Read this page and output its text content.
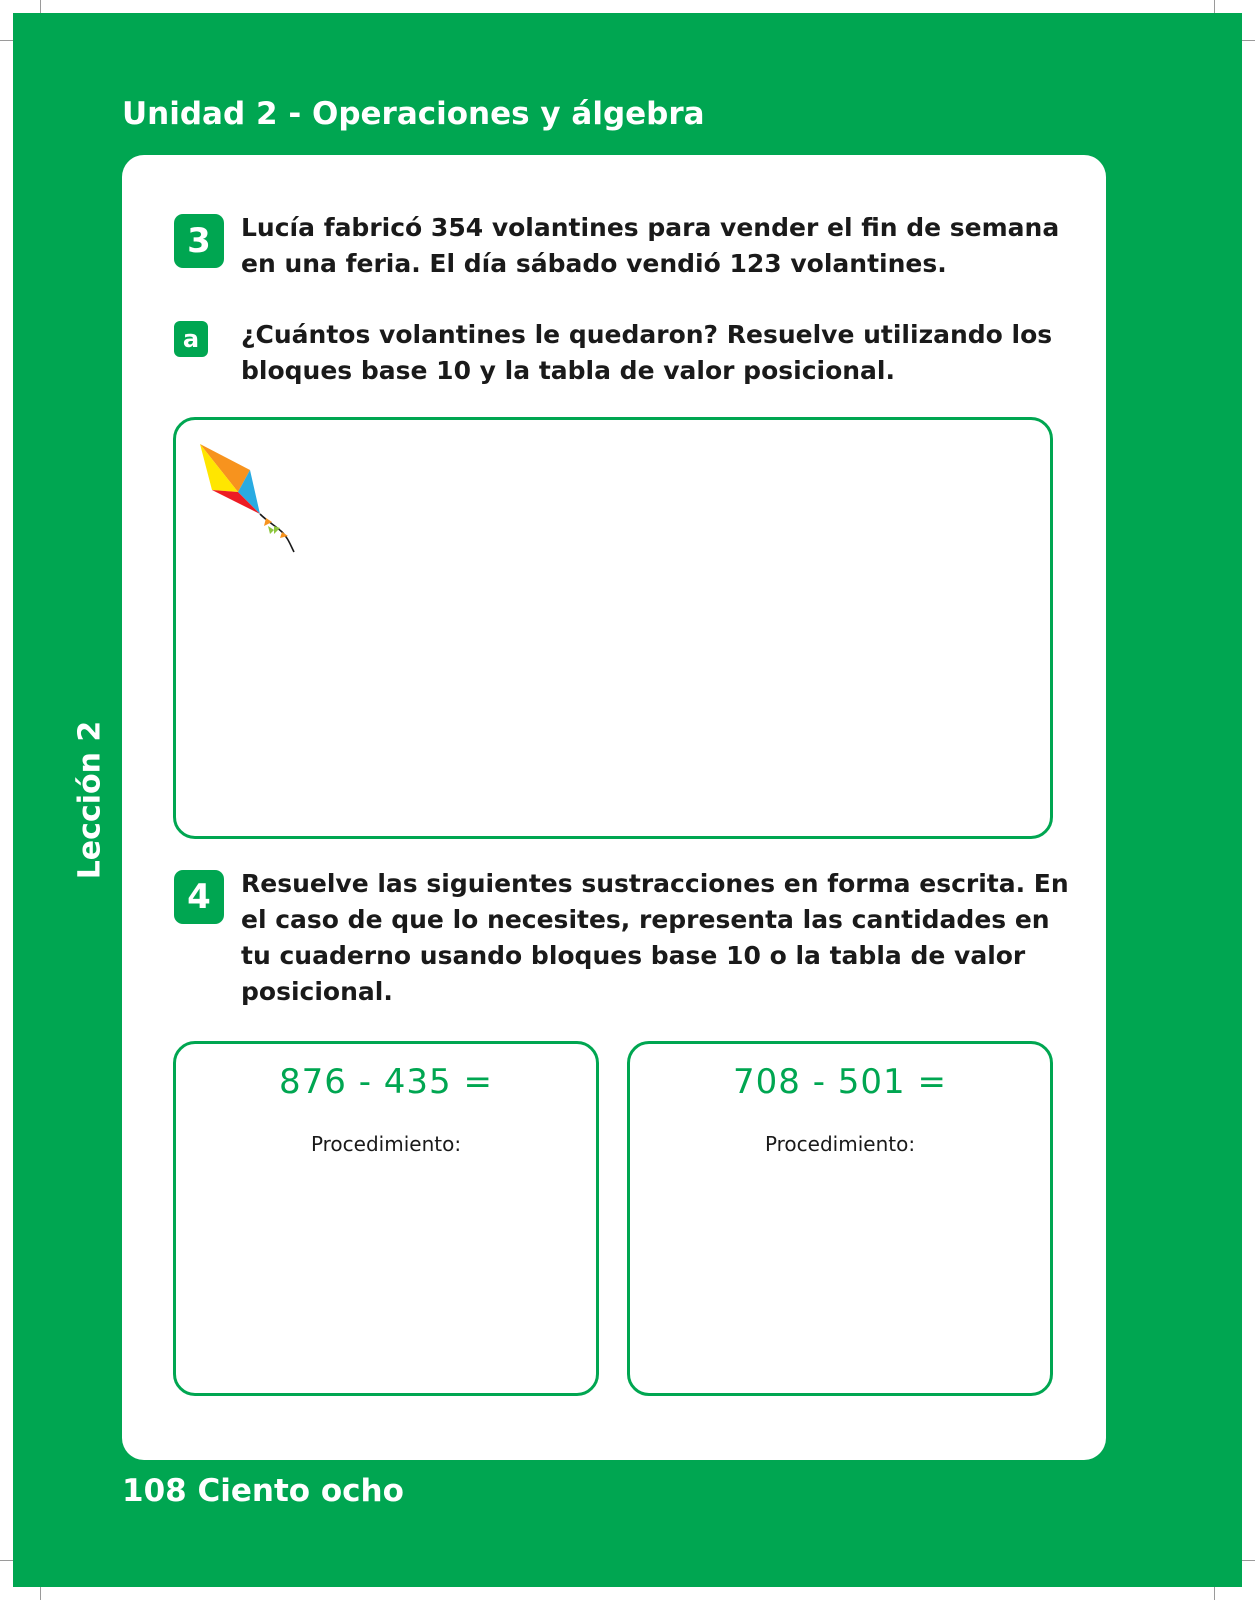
Unidad 2 - Operaciones y álgebra
Lección 2
3	Lucía fabricó 354 volantines para vender el fin de semana
en una feria. El día sábado vendió 123 volantines.
a	¿Cuántos volantines le quedaron? Resuelve utilizando los
bloques base 10 y la tabla de valor posicional.
4	Resuelve las siguientes sustracciones en forma escrita. En
el caso de que lo necesites, representa las cantidades en
tu cuaderno usando bloques base 10 o la tabla de valor
posicional.
876 - 435 =
Procedimiento:
708 - 501 =
Procedimiento:
108 Ciento ocho
